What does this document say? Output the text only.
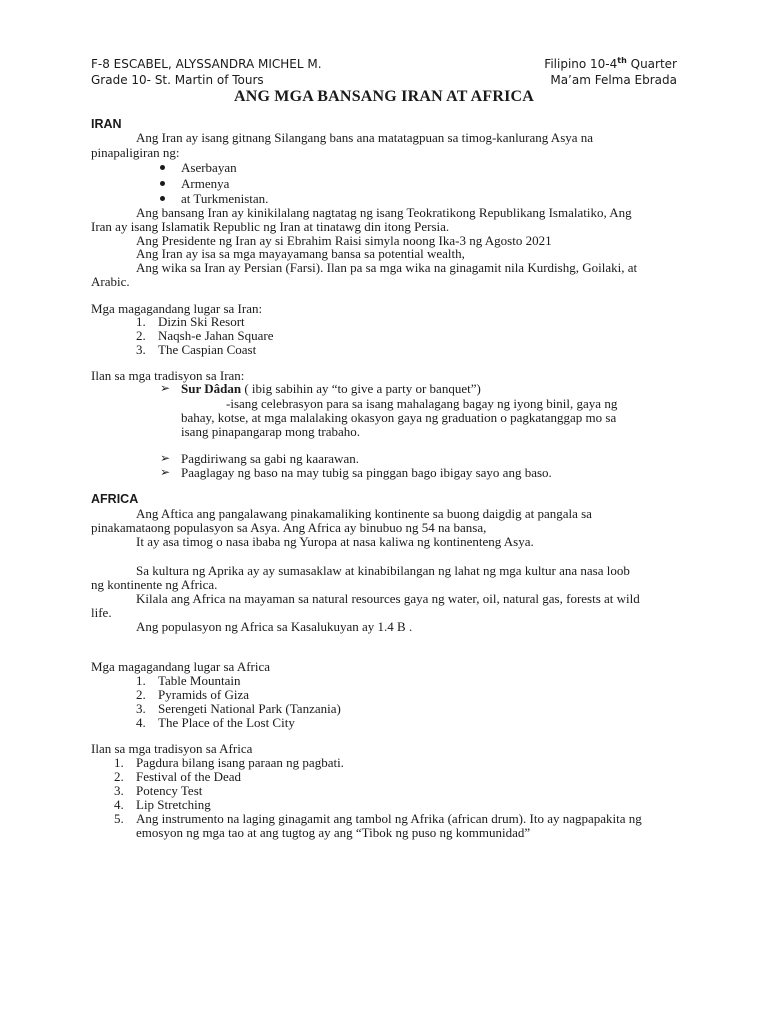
F-8 ESCABEL, ALYSSANDRA MICHEL M.
Grade 10- St. Martin of Tours
Filipino 10-4th Quarter
Ma’am Felma Ebrada
ANG MGA BANSANG IRAN AT AFRICA
IRAN
Ang Iran ay isang gitnang Silangang bans ana matatagpuan sa timog-kanlurang Asya na
pinapaligiran ng:
Aserbayan
Armenya
at Turkmenistan.
Ang bansang Iran ay kinikilalang nagtatag ng isang Teokratikong Republikang Ismalatiko, Ang
Iran ay isang Islamatik Republic ng Iran at tinatawg din itong Persia.
Ang Presidente ng Iran ay si Ebrahim Raisi simyla noong Ika-3 ng Agosto 2021
Ang Iran ay isa sa mga mayayamang bansa sa potential wealth,
Ang wika sa Iran ay Persian (Farsi). Ilan pa sa mga wika na ginagamit nila Kurdishg, Goilaki, at
Arabic.
Mga magagandang lugar sa Iran:
1. Dizin Ski Resort
2. Naqsh-e Jahan Square
3. The Caspian Coast
Ilan sa mga tradisyon sa Iran:
➢ Sur Dâdan ( ibig sabihin ay “to give a party or banquet”)
-isang celebrasyon para sa isang mahalagang bagay ng iyong binil, gaya ng
bahay, kotse, at mga malalaking okasyon gaya ng graduation o pagkatanggap mo sa
isang pinapangarap mong trabaho.
➢ Pagdiriwang sa gabi ng kaarawan.
➢ Paaglagay ng baso na may tubig sa pinggan bago ibigay sayo ang baso.
AFRICA
Ang Aftica ang pangalawang pinakamaliking kontinente sa buong daigdig at pangala sa
pinakamataong populasyon sa Asya. Ang Africa ay binubuo ng 54 na bansa,
It ay asa timog o nasa ibaba ng Yuropa at nasa kaliwa ng kontinenteng Asya.
Sa kultura ng Aprika ay ay sumasaklaw at kinabibilangan ng lahat ng mga kultur ana nasa loob
ng kontinente ng Africa.
Kilala ang Africa na mayaman sa natural resources gaya ng water, oil, natural gas, forests at wild
life.
Ang populasyon ng Africa sa Kasalukuyan ay 1.4 B .
Mga magagandang lugar sa Africa
1. Table Mountain
2. Pyramids of Giza
3. Serengeti National Park (Tanzania)
4. The Place of the Lost City
Ilan sa mga tradisyon sa Africa
1. Pagdura bilang isang paraan ng pagbati.
2. Festival of the Dead
3. Potency Test
4. Lip Stretching
5. Ang instrumento na laging ginagamit ang tambol ng Afrika (african drum). Ito ay nagpapakita ng
emosyon ng mga tao at ang tugtog ay ang “Tibok ng puso ng kommunidad”
